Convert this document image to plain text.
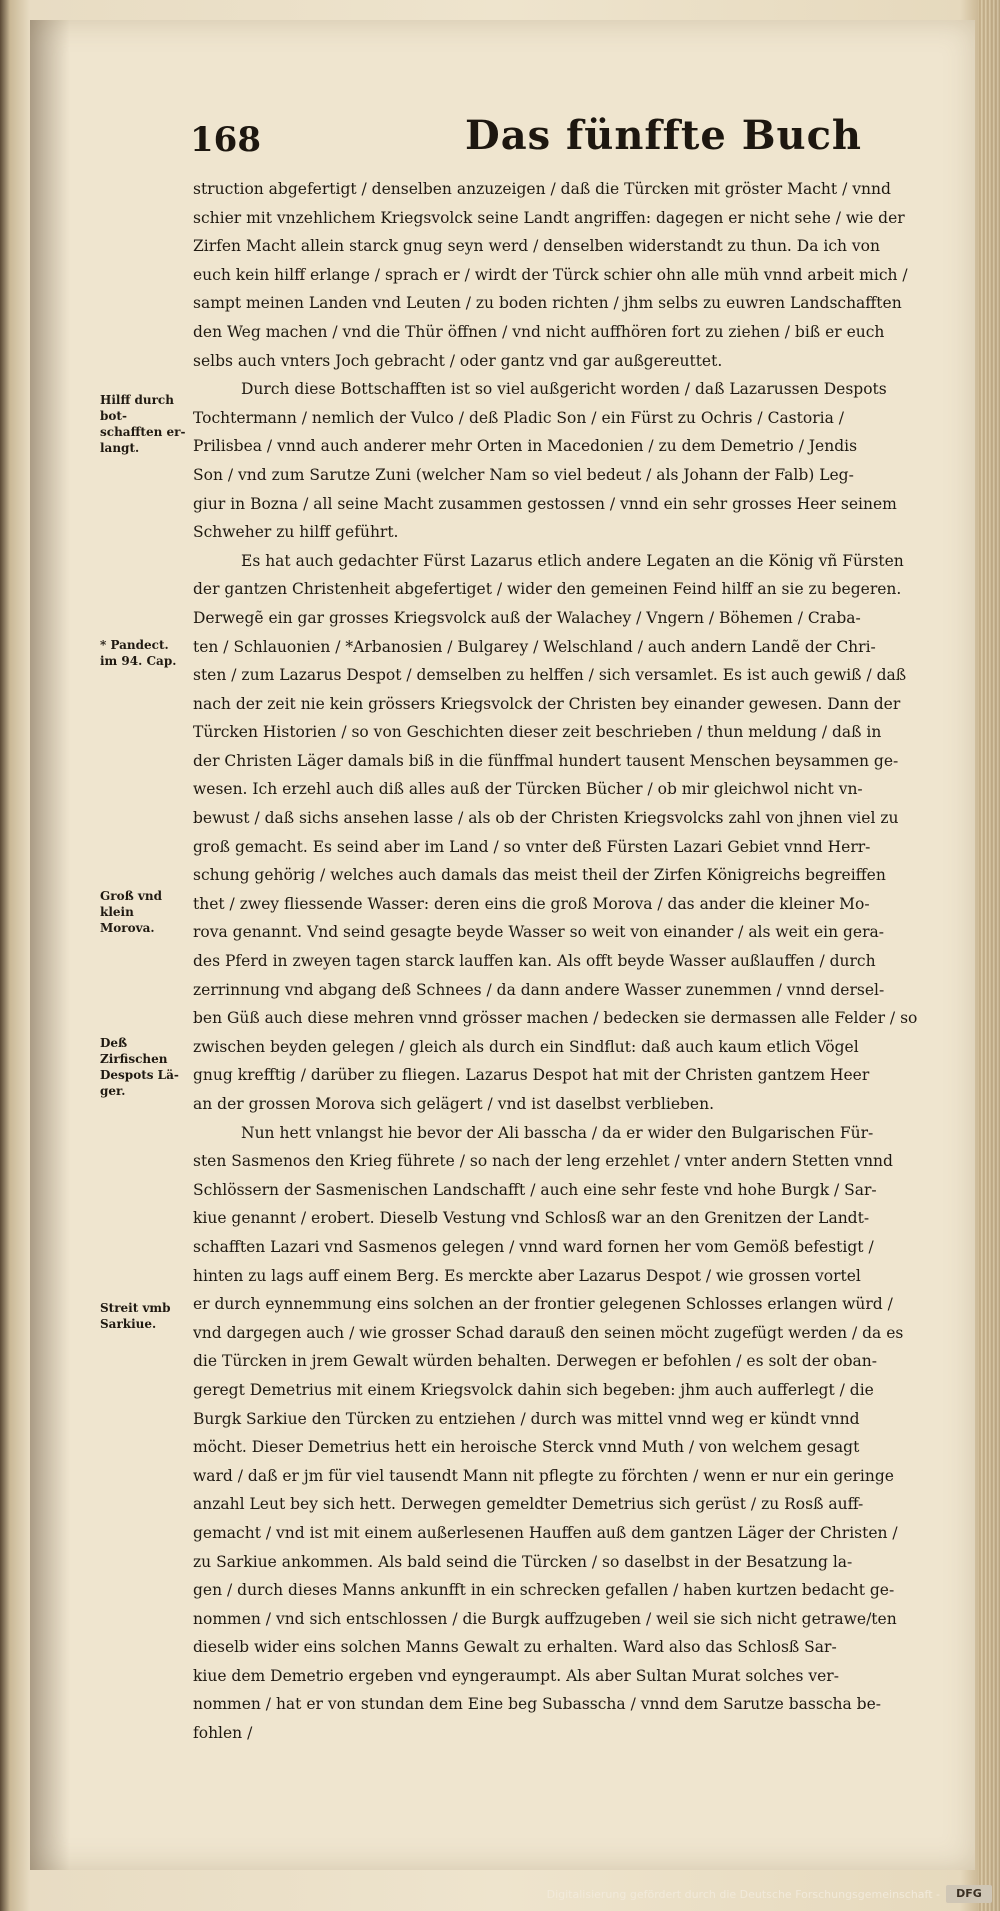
168	Das fünffte Buch
struction abgefertigt / denselben anzuzeigen / daß die Türcken mit gröster Macht / vnnd
schier mit vnzehlichem Kriegsvolck seine Landt angriffen: dagegen er nicht sehe / wie der
Zirfen Macht allein starck gnug seyn werd / denselben widerstandt zu thun. Da ich von
euch kein hilff erlange / sprach er / wirdt der Türck schier ohn alle müh vnnd arbeit mich /
sampt meinen Landen vnd Leuten / zu boden richten / jhm selbs zu euwren Landschafften
den Weg machen / vnd die Thür öffnen / vnd nicht auffhören fort zu ziehen / biß er euch
selbs auch vnters Joch gebracht / oder gantz vnd gar außgereuttet.
Durch diese Bottschafften ist so viel außgericht worden / daß Lazarussen Despots
Tochtermann / nemlich der Vulco / deß Pladic Son / ein Fürst zu Ochris / Castoria /
Prilisbea / vnnd auch anderer mehr Orten in Macedonien / zu dem Demetrio / Jendis
Son / vnd zum Sarutze Zuni (welcher Nam so viel bedeut / als Johann der Falb) Leg-
giur in Bozna / all seine Macht zusammen gestossen / vnnd ein sehr grosses Heer seinem
Schweher zu hilff geführt.
Es hat auch gedachter Fürst Lazarus etlich andere Legaten an die König vñ Fürsten
der gantzen Christenheit abgefertiget / wider den gemeinen Feind hilff an sie zu begeren.
Derwegẽ ein gar grosses Kriegsvolck auß der Walachey / Vngern / Böhemen / Craba-
ten / Schlauonien / *Arbanosien / Bulgarey / Welschland / auch andern Landẽ der Chri-
sten / zum Lazarus Despot / demselben zu helffen / sich versamlet. Es ist auch gewiß / daß
nach der zeit nie kein grössers Kriegsvolck der Christen bey einander gewesen. Dann der
Türcken Historien / so von Geschichten dieser zeit beschrieben / thun meldung / daß in
der Christen Läger damals biß in die fünffmal hundert tausent Menschen beysammen ge-
wesen. Ich erzehl auch diß alles auß der Türcken Bücher / ob mir gleichwol nicht vn-
bewust / daß sichs ansehen lasse / als ob der Christen Kriegsvolcks zahl von jhnen viel zu
groß gemacht. Es seind aber im Land / so vnter deß Fürsten Lazari Gebiet vnnd Herr-
schung gehörig / welches auch damals das meist theil der Zirfen Königreichs begreiffen
thet / zwey fliessende Wasser: deren eins die groß Morova / das ander die kleiner Mo-
rova genannt. Vnd seind gesagte beyde Wasser so weit von einander / als weit ein gera-
des Pferd in zweyen tagen starck lauffen kan. Als offt beyde Wasser außlauffen / durch
zerrinnung vnd abgang deß Schnees / da dann andere Wasser zunemmen / vnnd dersel-
ben Güß auch diese mehren vnnd grösser machen / bedecken sie dermassen alle Felder / so
zwischen beyden gelegen / gleich als durch ein Sindflut: daß auch kaum etlich Vögel
gnug krefftig / darüber zu fliegen. Lazarus Despot hat mit der Christen gantzem Heer
an der grossen Morova sich gelägert / vnd ist daselbst verblieben.
Nun hett vnlangst hie bevor der Ali basscha / da er wider den Bulgarischen Für-
sten Sasmenos den Krieg führete / so nach der leng erzehlet / vnter andern Stetten vnnd
Schlössern der Sasmenischen Landschafft / auch eine sehr feste vnd hohe Burgk / Sar-
kiue genannt / erobert. Dieselb Vestung vnd Schlosß war an den Grenitzen der Landt-
schafften Lazari vnd Sasmenos gelegen / vnnd ward fornen her vom Gemöß befestigt /
hinten zu lags auff einem Berg. Es merckte aber Lazarus Despot / wie grossen vortel
er durch eynnemmung eins solchen an der frontier gelegenen Schlosses erlangen würd /
vnd dargegen auch / wie grosser Schad darauß den seinen möcht zugefügt werden / da es
die Türcken in jrem Gewalt würden behalten. Derwegen er befohlen / es solt der oban-
geregt Demetrius mit einem Kriegsvolck dahin sich begeben: jhm auch aufferlegt / die
Burgk Sarkiue den Türcken zu entziehen / durch was mittel vnnd weg er kündt vnnd
möcht. Dieser Demetrius hett ein heroische Sterck vnnd Muth / von welchem gesagt
ward / daß er jm für viel tausendt Mann nit pflegte zu förchten / wenn er nur ein geringe
anzahl Leut bey sich hett. Derwegen gemeldter Demetrius sich gerüst / zu Rosß auff-
gemacht / vnd ist mit einem außerlesenen Hauffen auß dem gantzen Läger der Christen /
zu Sarkiue ankommen. Als bald seind die Türcken / so daselbst in der Besatzung la-
gen / durch dieses Manns ankunfft in ein schrecken gefallen / haben kurtzen bedacht ge-
nommen / vnd sich entschlossen / die Burgk auffzugeben / weil sie sich nicht getrawe/ten
dieselb wider eins solchen Manns Gewalt zu erhalten. Ward also das Schlosß Sar-
kiue dem Demetrio ergeben vnd eyngeraumpt. Als aber Sultan Murat solches ver-
nommen / hat er von stundan dem Eine beg Subasscha / vnnd dem Sarutze basscha be-
fohlen /
Hilff durch bot- schafften er- langt.
* Pandect. im 94. Cap.
Groß vnd klein Morova.
Deß Zirfischen Despots Lä- ger.
Streit vmb Sarkiue.
Digitalisierung gefördert durch die Deutsche Forschungsgemeinschaft -	DFG
